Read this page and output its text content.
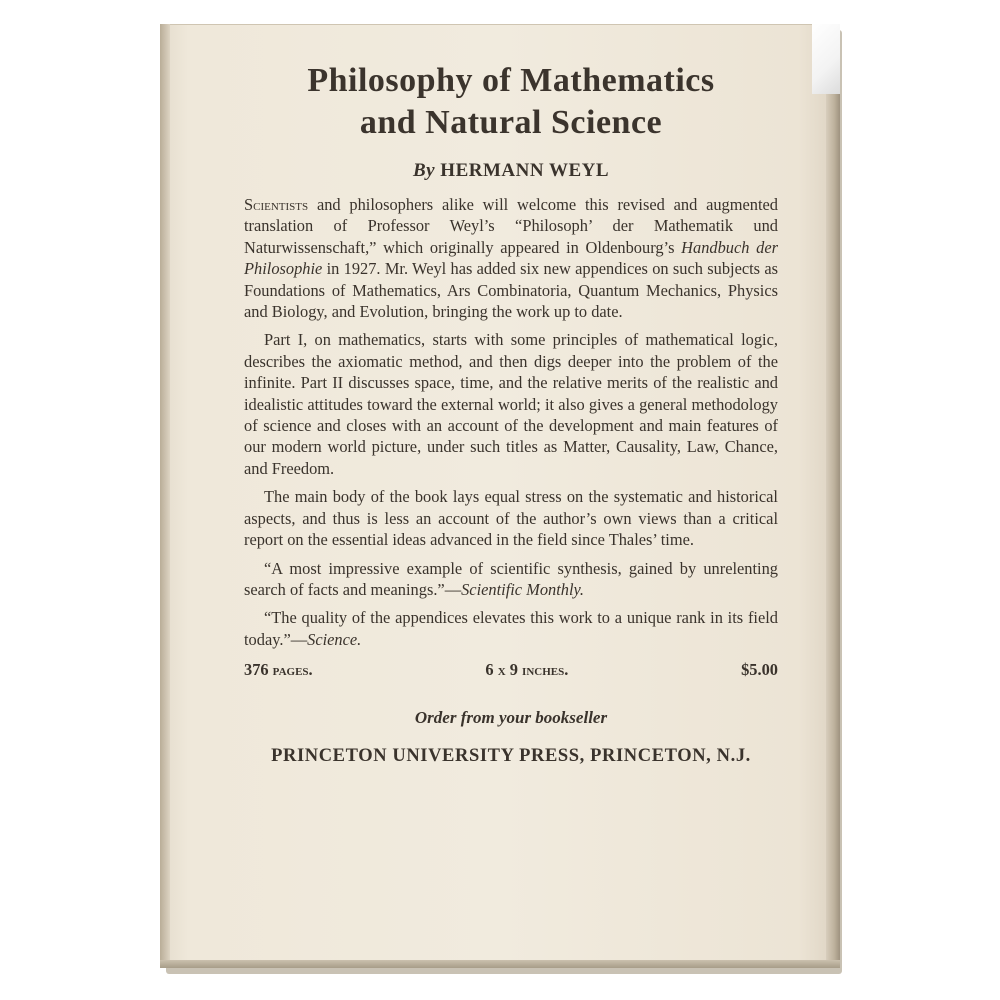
Philosophy of Mathematics
and Natural Science
By HERMANN WEYL

Scientists and philosophers alike will welcome this revised and augmented translation of Professor Weyl’s “Philosoph’ der Mathematik und Naturwissenschaft,” which originally appeared in Oldenbourg’s Handbuch der Philosophie in 1927. Mr. Weyl has added six new appendices on such subjects as Foundations of Mathematics, Ars Combinatoria, Quantum Mechanics, Physics and Biology, and Evolution, bringing the work up to date.

Part I, on mathematics, starts with some principles of mathematical logic, describes the axiomatic method, and then digs deeper into the problem of the infinite. Part II discusses space, time, and the relative merits of the realistic and idealistic attitudes toward the external world; it also gives a general methodology of science and closes with an account of the development and main features of our modern world picture, under such titles as Matter, Causality, Law, Chance, and Freedom.

The main body of the book lays equal stress on the systematic and historical aspects, and thus is less an account of the author’s own views than a critical report on the essential ideas advanced in the field since Thales’ time.

“A most impressive example of scientific synthesis, gained by unrelenting search of facts and meanings.”—Scientific Monthly.

“The quality of the appendices elevates this work to a unique rank in its field today.”—Science.

376 pages.	6 x 9 inches.	$5.00
Order from your bookseller
PRINCETON UNIVERSITY PRESS, PRINCETON, N.J.
